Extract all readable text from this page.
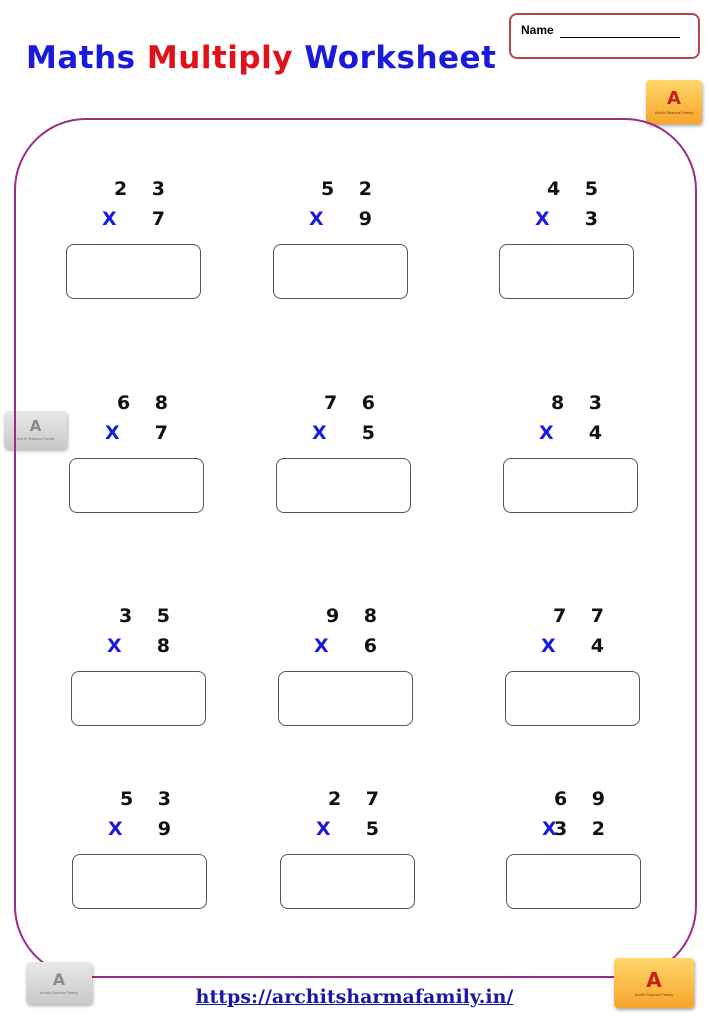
Maths Multiply Worksheet
Name
A
Archit Sharma Family
A
Archit Sharma Family
2 3
X 7
5 2
X 9
4 5
X 3
6 8
X 7
7 6
X 5
8 3
X 4
3 5
X 8
9 8
X 6
7 7
X 4
5 3
X 9
2 7
X 5
6 9
X
3 2
A
Archit Sharma Family
A
Archit Sharma Family
https://architsharmafamily.in/
